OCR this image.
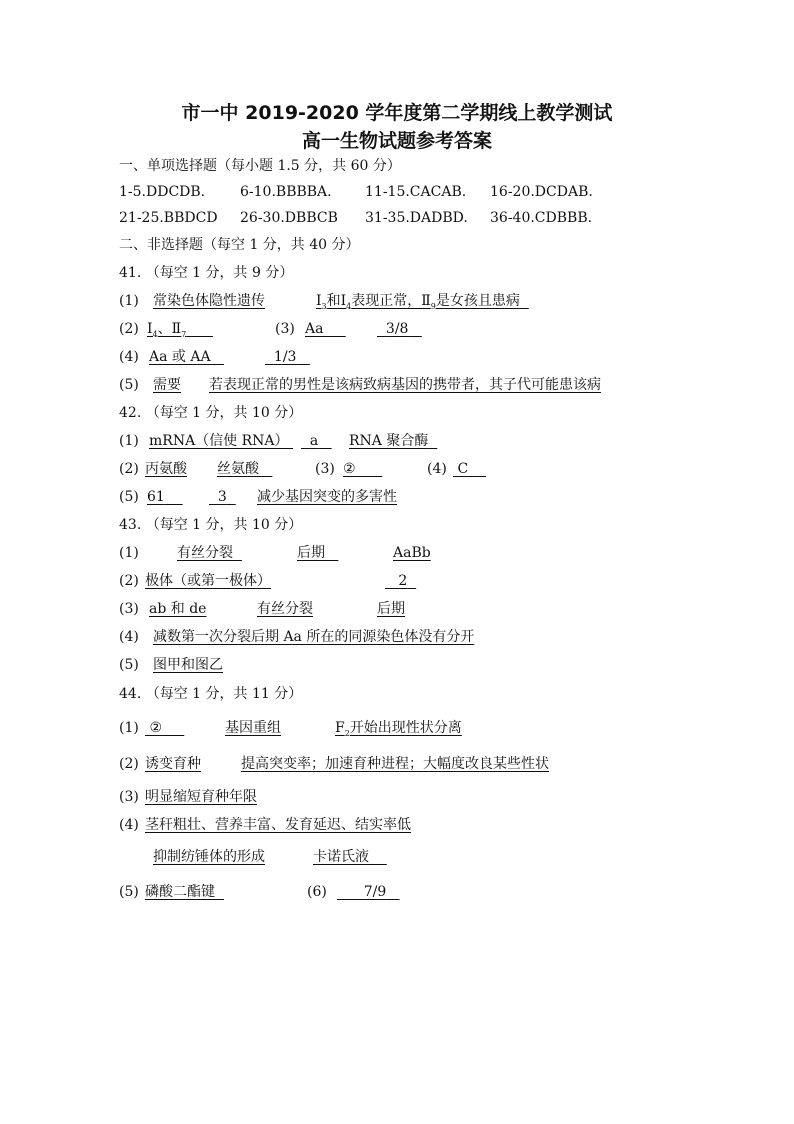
市一中 2019-2020 学年度第二学期线上教学测试
高一生物试题参考答案
一、单项选择题（每小题 1.5 分，共 60 分）
1-5.DDCDB. 6-10.BBBBA. 11-15.CACAB. 16-20.DCDAB.
21-25.BBDCD 26-30.DBBCB 31-35.DADBD. 36-40.CDBBB.
二、非选择题（每空 1 分，共 40 分）
41. （每空 1 分，共 9 分）
(1) 常染色体隐性遗传	$Ⅰ_3$和$Ⅰ_4$表现正常，$Ⅱ_9$是女孩且患病
(2) $Ⅰ_4$、$Ⅱ_7$	(3) Aa	3/8
(4) Aa 或 AA	1/3
(5) 需要 若表现正常的男性是该病致病基因的携带者，其子代可能患该病
42. （每空 1 分，共 10 分）
(1) mRNA（信使 RNA）	a	RNA 聚合酶
(2) 丙氨酸 丝氨酸	(3) ②	(4) C
(5) 61	3	减少基因突变的多害性
43. （每空 1 分，共 10 分）
(1)	有丝分裂	后期	AaBb
(2) 极体（或第一极体）	2
(3) ab 和 de	有丝分裂	后期
(4) 减数第一次分裂后期 Aa 所在的同源染色体没有分开
(5) 图甲和图乙
44. （每空 1 分，共 11 分）
(1) ②	基因重组	$F_2$开始出现性状分离
(2) 诱变育种	提高突变率；加速育种进程；大幅度改良某些性状
(3) 明显缩短育种年限
(4) 茎秆粗壮、营养丰富、发育延迟、结实率低
抑制纺锤体的形成	卡诺氏液
(5) 磷酸二酯键	(6)	7/9
